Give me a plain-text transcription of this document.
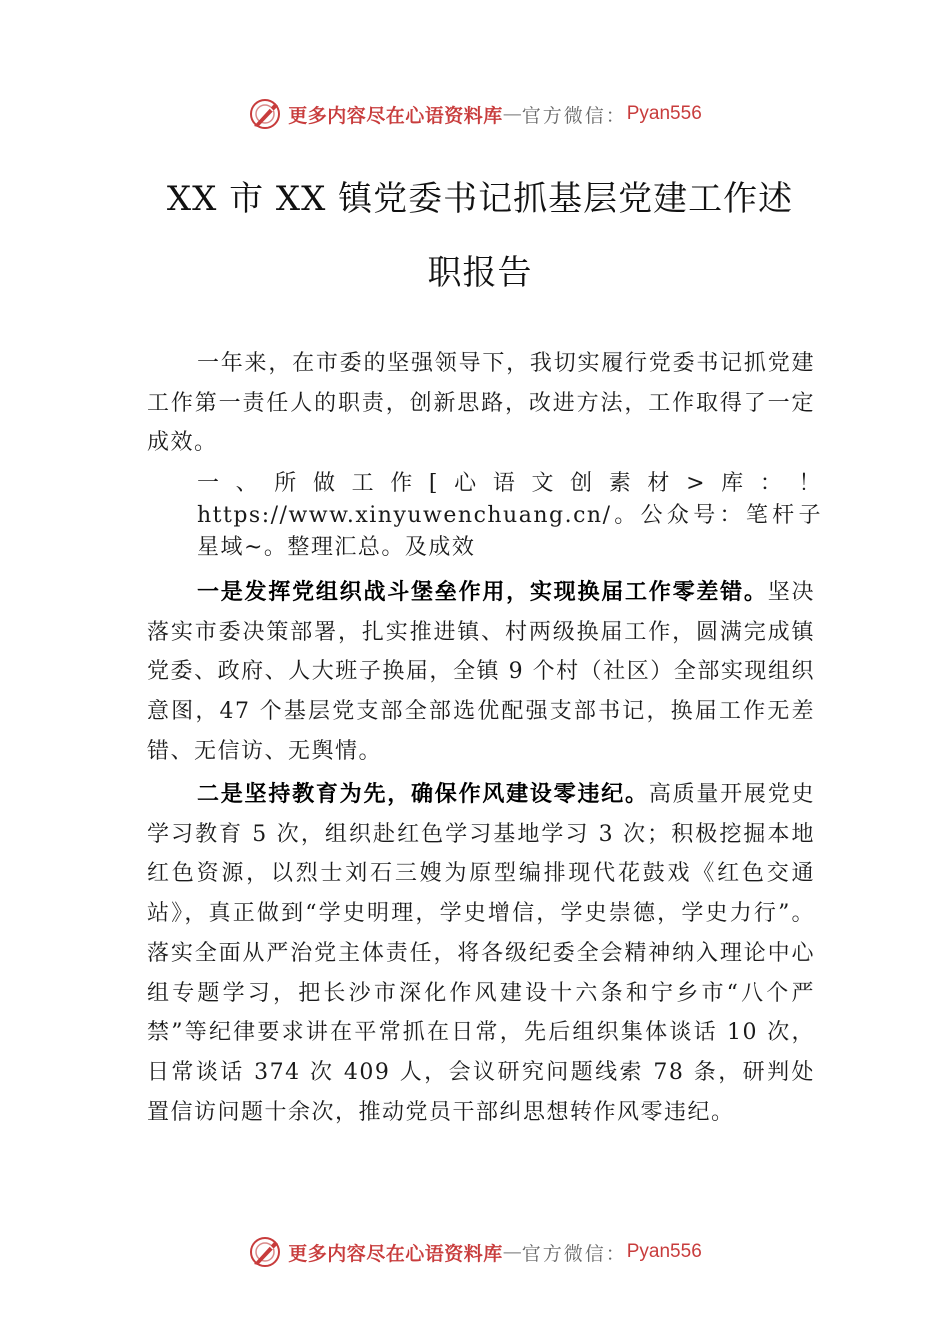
更多内容尽在心语资料库 — 官方微信： Pyan556
XX 市 XX 镇党委书记抓基层党建工作述
职报告

一年来，在市委的坚强领导下，我切实履行党委书记抓党建工作第一责任人的职责，创新思路，改进方法，工作取得了一定成效。

一、所做工作[心语文创素材>库：！https://www.xinyuwenchuang.cn/。公众号：笔杆子星域~。整理汇总。及成效

一是发挥党组织战斗堡垒作用，实现换届工作零差错。坚决落实市委决策部署，扎实推进镇、村两级换届工作，圆满完成镇党委、政府、人大班子换届，全镇 9 个村（社区）全部实现组织意图，47 个基层党支部全部选优配强支部书记，换届工作无差错、无信访、无舆情。

二是坚持教育为先，确保作风建设零违纪。高质量开展党史学习教育 5 次，组织赴红色学习基地学习 3 次；积极挖掘本地红色资源，以烈士刘石三嫂为原型编排现代花鼓戏《红色交通站》，真正做到“学史明理，学史增信，学史崇德，学史力行”。落实全面从严治党主体责任，将各级纪委全会精神纳入理论中心组专题学习，把长沙市深化作风建设十六条和宁乡市“八个严禁”等纪律要求讲在平常抓在日常，先后组织集体谈话 10 次，日常谈话 374 次 409 人，会议研究问题线索 78 条，研判处置信访问题十余次，推动党员干部纠思想转作风零违纪。

更多内容尽在心语资料库 — 官方微信： Pyan556
